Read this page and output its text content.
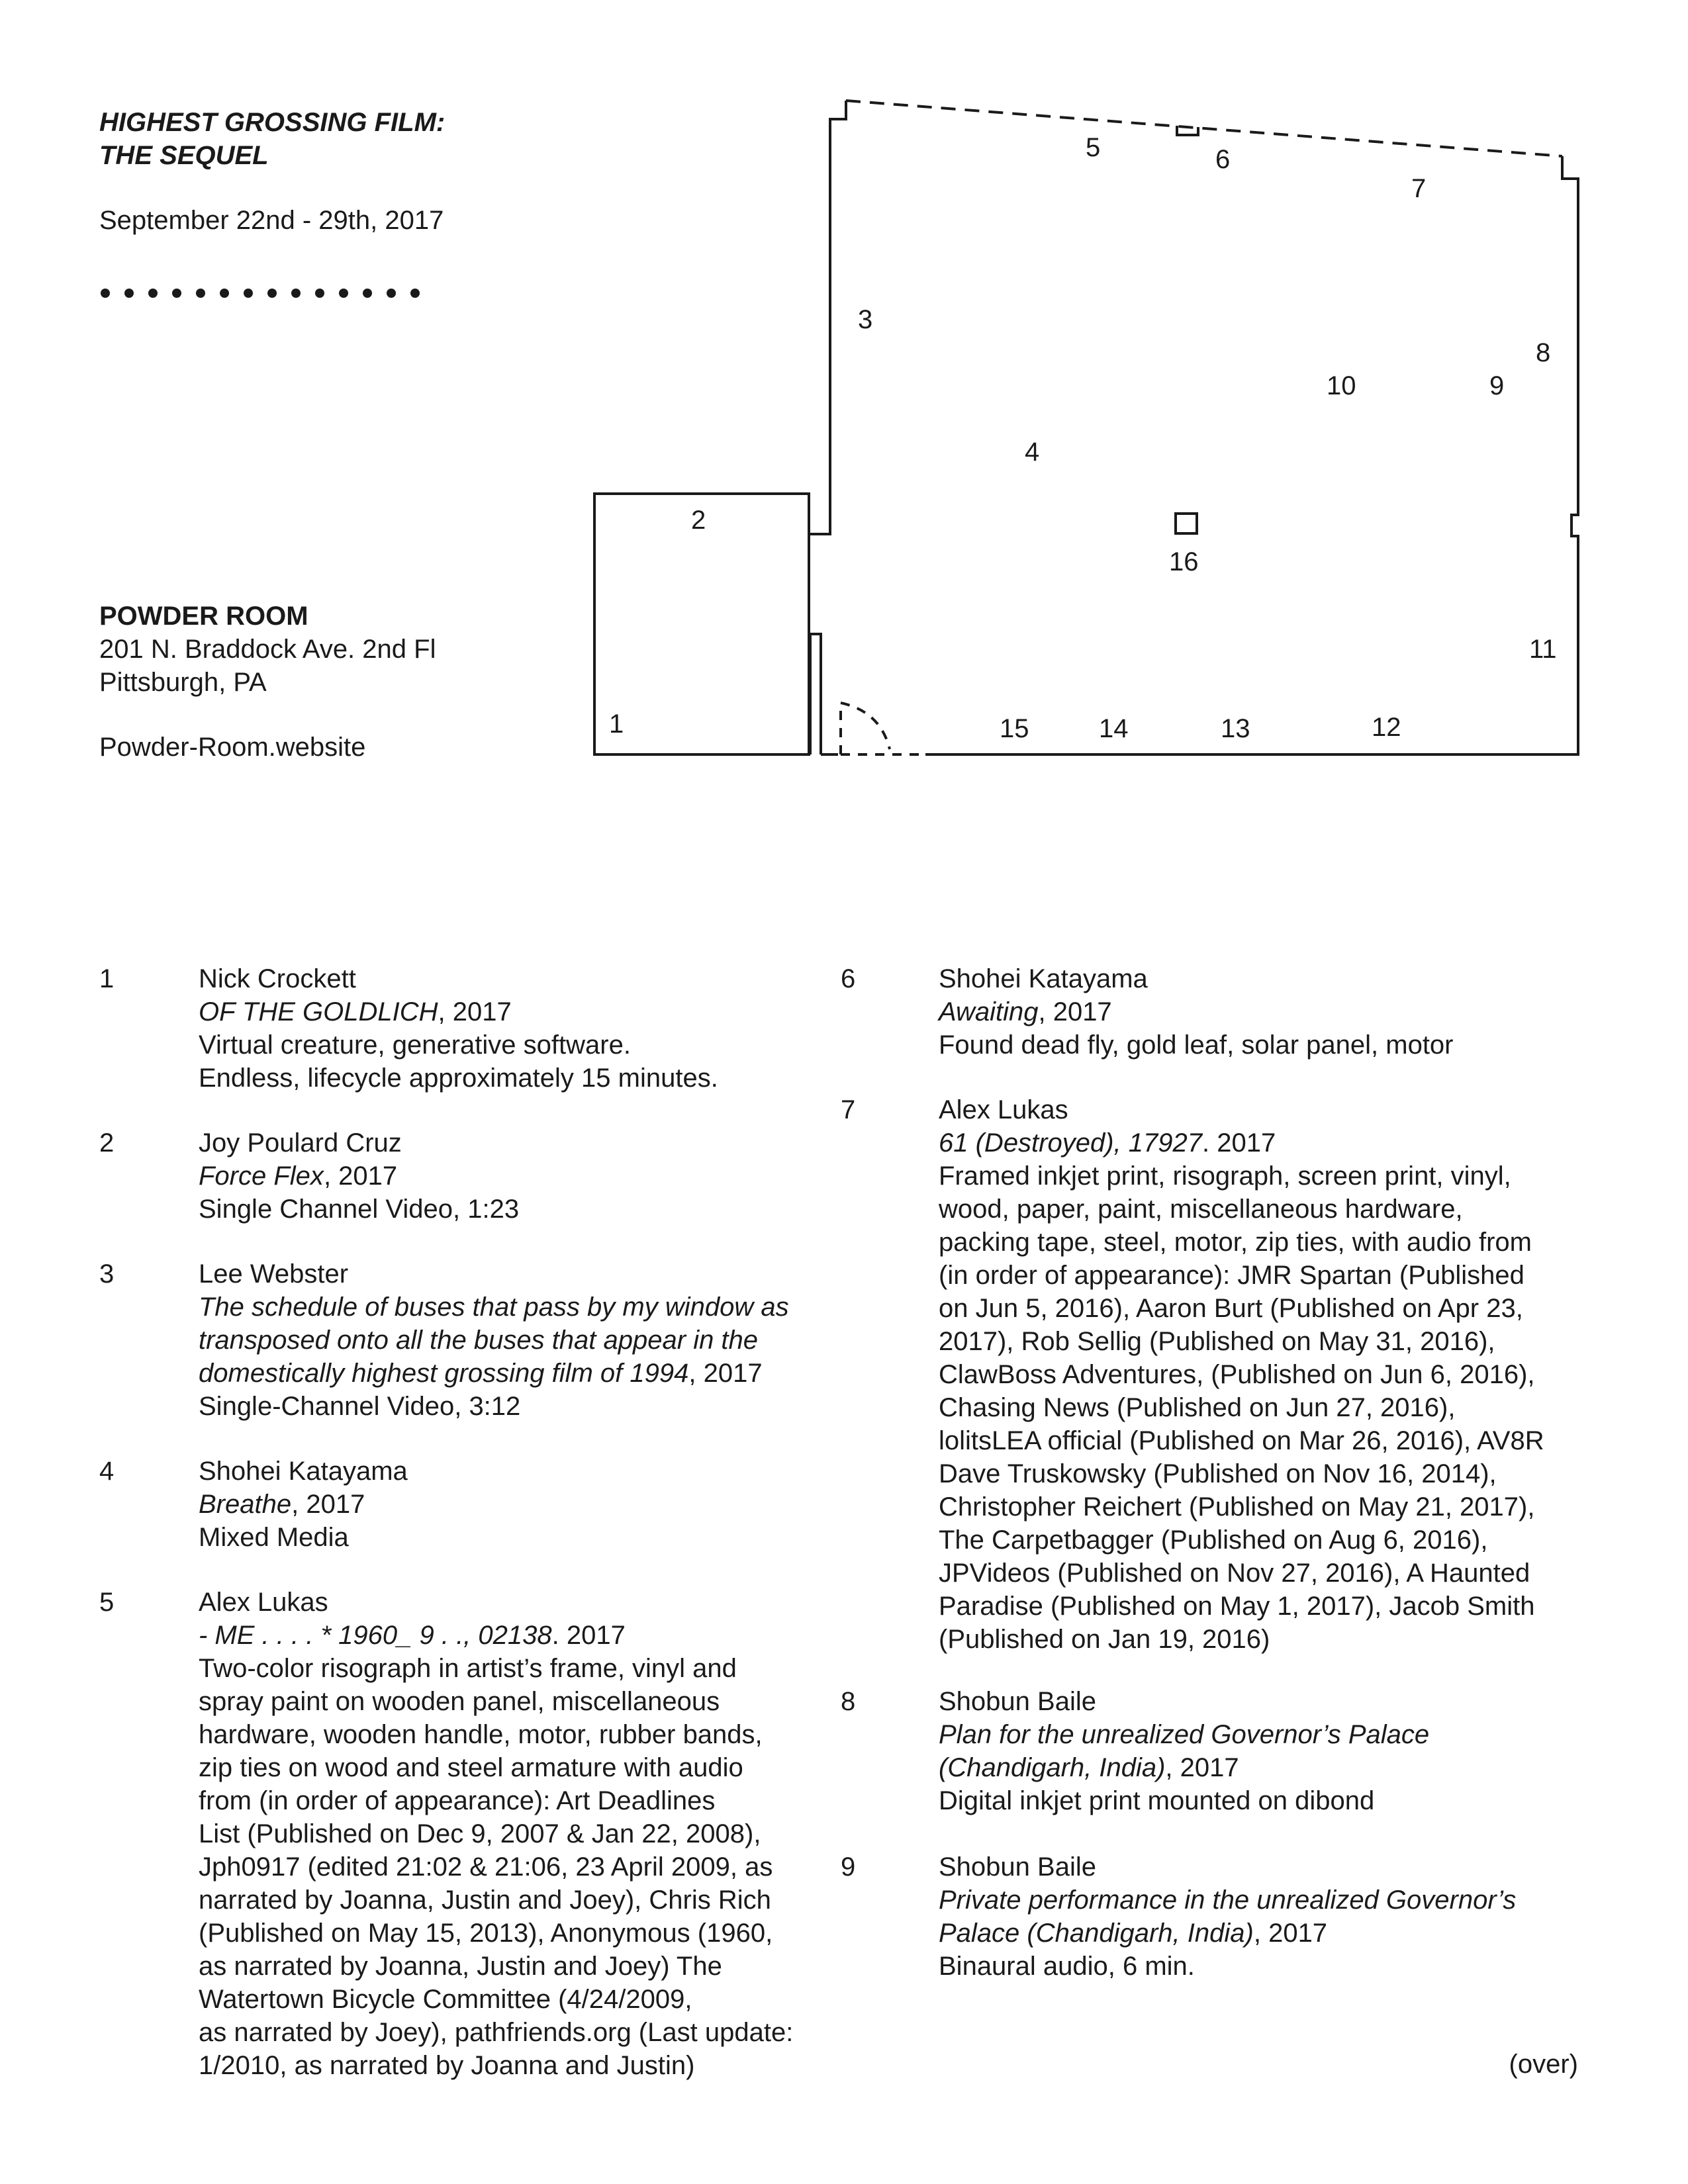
HIGHEST GROSSING FILM:
THE SEQUEL
September 22nd - 29th, 2017
POWDER ROOM
201 N. Braddock Ave. 2nd Fl
Pittsburgh, PA
Powder-Room.website
1
2
3
4
5	6
7
8
9
10
11
12
13
14
15
16
1	Nick Crockett
OF THE GOLDLICH, 2017
Virtual creature, generative software.
Endless, lifecycle approximately 15 minutes.
2	Joy Poulard Cruz
Force Flex, 2017
Single Channel Video, 1:23
3	Lee Webster
The schedule of buses that pass by my window as
transposed onto all the buses that appear in the
domestically highest grossing film of 1994, 2017
Single-Channel Video, 3:12
4	Shohei Katayama
Breathe, 2017
Mixed Media
5	Alex Lukas
- ME . . . . * 1960_ 9 . ., 02138. 2017
Two-color risograph in artist’s frame, vinyl and
spray paint on wooden panel, miscellaneous
hardware, wooden handle, motor, rubber bands,
zip ties on wood and steel armature with audio
from (in order of appearance): Art Deadlines
List (Published on Dec 9, 2007 & Jan 22, 2008),
Jph0917 (edited 21:02 & 21:06, 23 April 2009, as
narrated by Joanna, Justin and Joey), Chris Rich
(Published on May 15, 2013), Anonymous (1960,
as narrated by Joanna, Justin and Joey) The
Watertown Bicycle Committee (4/24/2009,
as narrated by Joey), pathfriends.org (Last update:
1/2010, as narrated by Joanna and Justin)
6	Shohei Katayama
Awaiting, 2017
Found dead fly, gold leaf, solar panel, motor
7	Alex Lukas
61 (Destroyed), 17927. 2017
Framed inkjet print, risograph, screen print, vinyl,
wood, paper, paint, miscellaneous hardware,
packing tape, steel, motor, zip ties, with audio from
(in order of appearance): JMR Spartan (Published
on Jun 5, 2016), Aaron Burt (Published on Apr 23,
2017), Rob Sellig (Published on May 31, 2016),
ClawBoss Adventures, (Published on Jun 6, 2016),
Chasing News (Published on Jun 27, 2016),
lolitsLEA official (Published on Mar 26, 2016), AV8R
Dave Truskowsky (Published on Nov 16, 2014),
Christopher Reichert (Published on May 21, 2017),
The Carpetbagger (Published on Aug 6, 2016),
JPVideos (Published on Nov 27, 2016), A Haunted
Paradise (Published on May 1, 2017), Jacob Smith
(Published on Jan 19, 2016)
8	Shobun Baile
Plan for the unrealized Governor’s Palace
(Chandigarh, India), 2017
Digital inkjet print mounted on dibond
9	Shobun Baile
Private performance in the unrealized Governor’s
Palace (Chandigarh, India), 2017
Binaural audio, 6 min.
(over)
